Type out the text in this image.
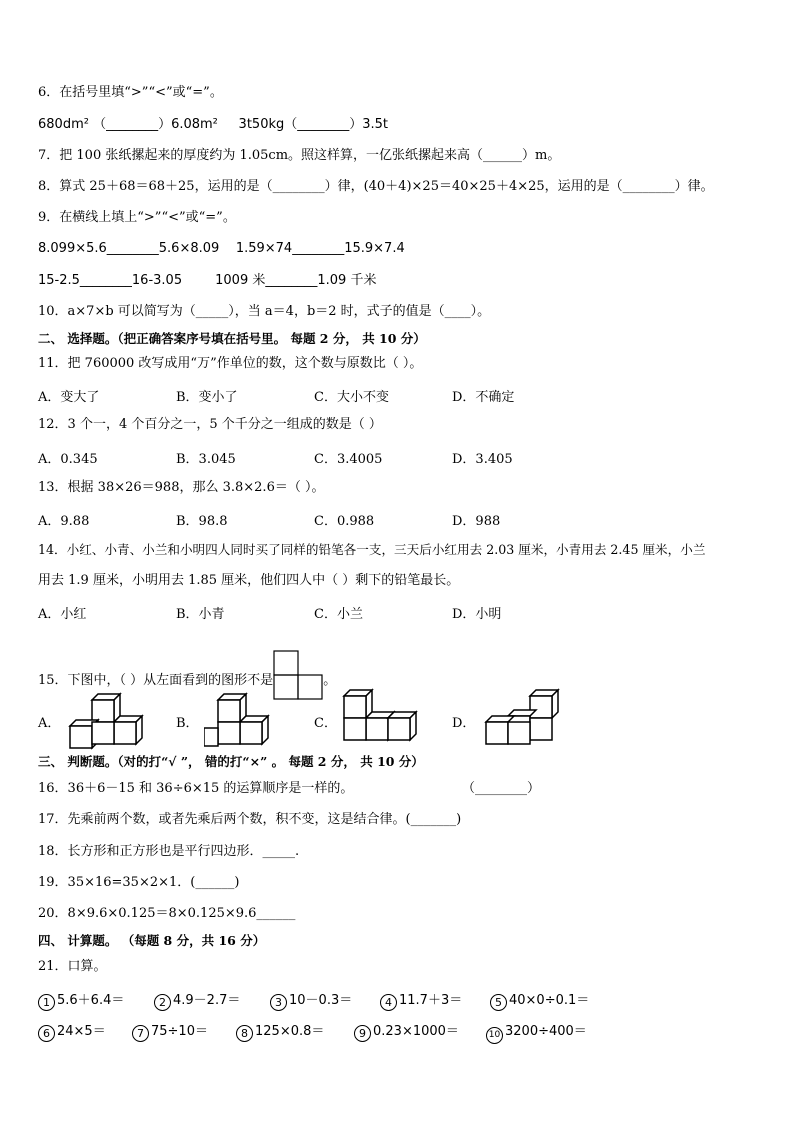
6．在括号里填“>”“<”或“=”。
680dm² （________）6.08m²     3t50kg（________）3.5t
7．把 100 张纸摞起来的厚度约为 1.05cm。照这样算，一亿张纸摞起来高（______）m。
8．算式 25＋68＝68＋25，运用的是（________）律，(40＋4)×25＝40×25＋4×25，运用的是（________）律。
9．在横线上填上“>”“<”或“=”。
8.099×5.6________5.6×8.09    1.59×74________15.9×7.4
15-2.5________16-3.05        1009 米________1.09 千米
10．a×7×b 可以简写为（_____），当 a＝4，b＝2 时，式子的值是（____）。
二、 选择题。（把正确答案序号填在括号里。 每题 2 分， 共 10 分）
11．把 760000 改写成用“万”作单位的数，这个数与原数比（ ）。
A．变大了	B．变小了	C．大小不变	D．不确定
12．3 个一，4 个百分之一，5 个千分之一组成的数是（ ）
A．0.345	B．3.045	C．3.4005	D．3.405
13．根据 38×26＝988，那么 3.8×2.6＝（ ）。
A．9.88	B．98.8	C．0.988	D．988
14．小红、小青、小兰和小明四人同时买了同样的铅笔各一支，三天后小红用去 2.03 厘米，小青用去 2.45 厘米，小兰
用去 1.9 厘米，小明用去 1.85 厘米，他们四人中（ ）剩下的铅笔最长。
A．小红	B．小青	C．小兰	D．小明
15．下图中，（ ）从左面看到的图形不是	。
A．	B．	C．	D．
三、 判断题。（对的打“√ ”， 错的打“×” 。 每题 2 分， 共 10 分）
16．36＋6－15 和 36÷6×15 的运算顺序是一样的。	（________）
17．先乘前两个数，或者先乘后两个数，积不变，这是结合律。(_______)
18．长方形和正方形也是平行四边形．_____.
19．35×16=35×2×1．(______)
20．8×9.6×0.125＝8×0.125×9.6______
四、 计算题。 （每题 8 分，共 16 分）
21．口算。
1 5.6＋6.4＝	2 4.9－2.7＝	3 10－0.3＝	4 11.7＋3＝	5 40×0÷0.1＝
6 24×5＝	7 75÷10＝	8 125×0.8＝	9 0.23×1000＝	10 3200÷400＝
